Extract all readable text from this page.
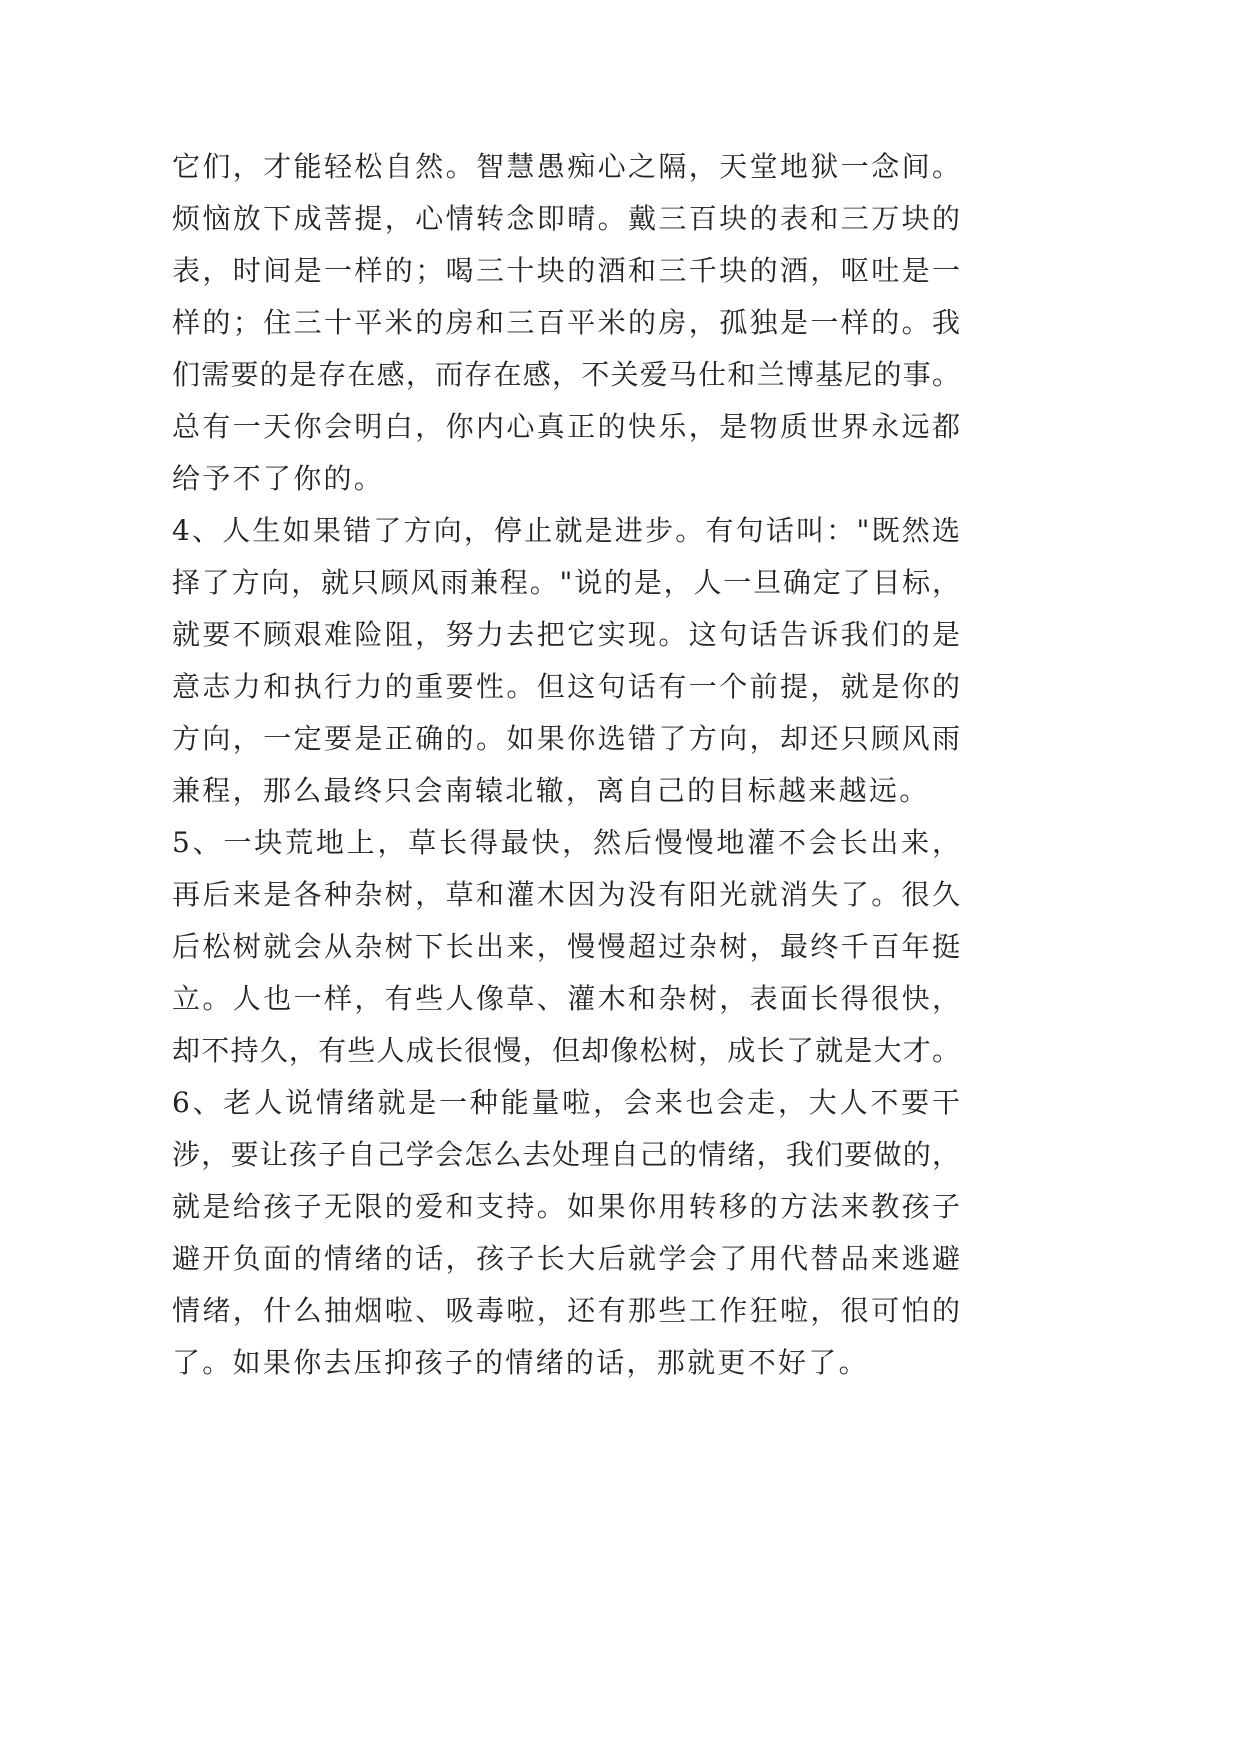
它们，才能轻松自然。智慧愚痴心之隔，天堂地狱一念间。
烦恼放下成菩提，心情转念即晴。戴三百块的表和三万块的
表，时间是一样的；喝三十块的酒和三千块的酒，呕吐是一
样的；住三十平米的房和三百平米的房，孤独是一样的。我
们需要的是存在感，而存在感，不关爱马仕和兰博基尼的事。
总有一天你会明白，你内心真正的快乐，是物质世界永远都
给予不了你的。
4、人生如果错了方向，停止就是进步。有句话叫："既然选
择了方向，就只顾风雨兼程。"说的是，人一旦确定了目标，
就要不顾艰难险阻，努力去把它实现。这句话告诉我们的是
意志力和执行力的重要性。但这句话有一个前提，就是你的
方向，一定要是正确的。如果你选错了方向，却还只顾风雨
兼程，那么最终只会南辕北辙，离自己的目标越来越远。
5、一块荒地上，草长得最快，然后慢慢地灌不会长出来，
再后来是各种杂树，草和灌木因为没有阳光就消失了。很久
后松树就会从杂树下长出来，慢慢超过杂树，最终千百年挺
立。人也一样，有些人像草、灌木和杂树，表面长得很快，
却不持久，有些人成长很慢，但却像松树，成长了就是大才。
6、老人说情绪就是一种能量啦，会来也会走，大人不要干
涉，要让孩子自己学会怎么去处理自己的情绪，我们要做的，
就是给孩子无限的爱和支持。如果你用转移的方法来教孩子
避开负面的情绪的话，孩子长大后就学会了用代替品来逃避
情绪，什么抽烟啦、吸毒啦，还有那些工作狂啦，很可怕的
了。如果你去压抑孩子的情绪的话，那就更不好了。
